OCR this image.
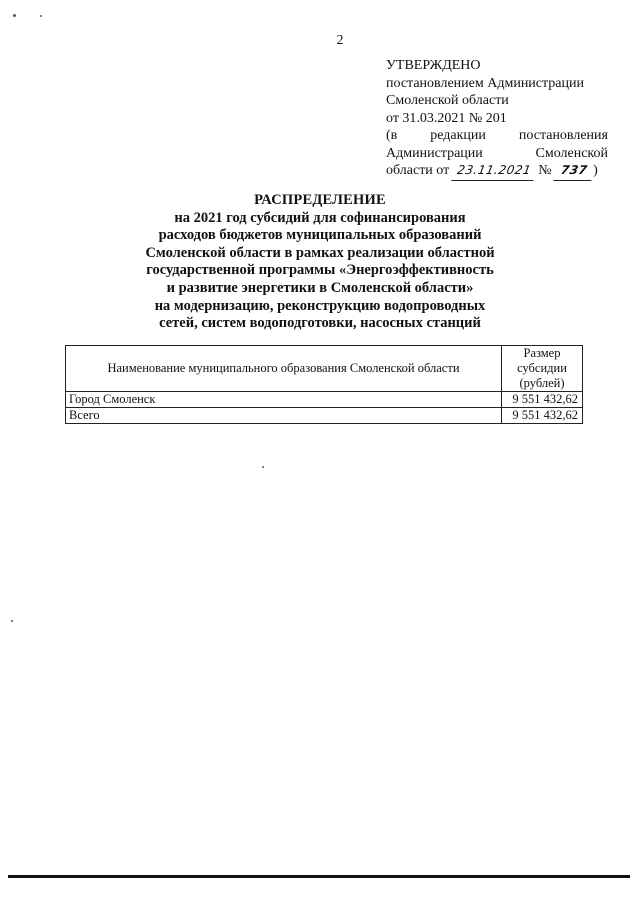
2
УТВЕРЖДЕНО
постановлением Администрации
Смоленской области
от 31.03.2021 № 201
(в редакции постановления Администрации Смоленской
области от 23.11.2021 № 737 )
РАСПРЕДЕЛЕНИЕ
на 2021 год субсидий для софинансирования
расходов бюджетов муниципальных образований
Смоленской области в рамках реализации областной
государственной программы «Энергоэффективность
и развитие энергетики в Смоленской области»
на модернизацию, реконструкцию водопроводных
сетей, систем водоподготовки, насосных станций
Наименование муниципального образования Смоленской области	Размер субсидии (рублей)
Город Смоленск	9 551 432,62
Всего	9 551 432,62
